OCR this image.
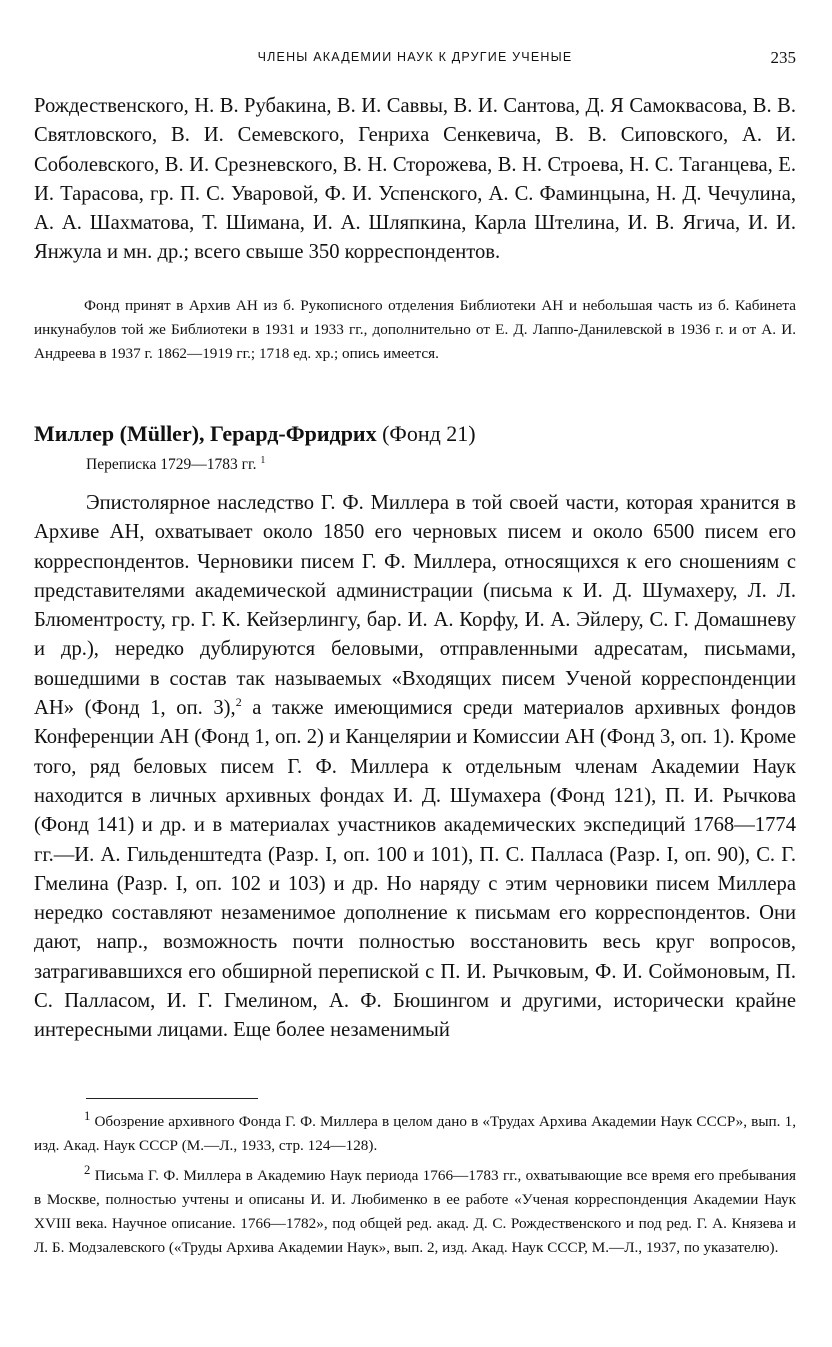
ЧЛЕНЫ АКАДЕМИИ НАУК К ДРУГИЕ УЧЕНЫЕ	235

Рождественского, Н. В. Рубакина, В. И. Саввы, В. И. Сантова, Д. Я Самоквасова, В. В. Святловского, В. И. Семевского, Генриха Сенкевича, В. В. Сиповского, А. И. Соболевского, В. И. Срезневского, В. Н. Сторожева, В. Н. Строева, Н. С. Таганцева, Е. И. Тарасова, гр. П. С. Уваровой, Ф. И. Успенского, А. С. Фаминцына, Н. Д. Чечулина, А. А. Шахматова, Т. Шимана, И. А. Шляпкина, Карла Штелина, И. В. Ягича, И. И. Янжула и мн. др.; всего свыше 350 корреспондентов.

Фонд принят в Архив АН из б. Рукописного отделения Библиотеки АН и небольшая часть из б. Кабинета инкунабулов той же Библиотеки в 1931 и 1933 гг., дополнительно от Е. Д. Лаппо-Данилевской в 1936 г. и от А. И. Андреева в 1937 г. 1862—1919 гг.; 1718 ед. хр.; опись имеется.

Миллер (Müller), Герард-Фридрих (Фонд 21)
Переписка 1729—1783 гг. $^1$

Эпистолярное наследство Г. Ф. Миллера в той своей части, которая хранится в Архиве АН, охватывает около 1850 его черновых писем и около 6500 писем его корреспондентов. Черновики писем Г. Ф. Миллера, относящихся к его сношениям с представителями академической администрации (письма к И. Д. Шумахеру, Л. Л. Блюментросту, гр. Г. К. Кейзерлингу, бар. И. А. Корфу, И. А. Эйлеру, С. Г. Домашневу и др.), нередко дублируются беловыми, отправленными адресатам, письмами, вошедшими в состав так называемых «Входящих писем Ученой корреспонденции АН» (Фонд 1, оп. 3),$^2$ а также имеющимися среди материалов архивных фондов Конференции АН (Фонд 1, оп. 2) и Канцелярии и Комиссии АН (Фонд 3, оп. 1). Кроме того, ряд беловых писем Г. Ф. Миллера к отдельным членам Академии Наук находится в личных архивных фондах И. Д. Шумахера (Фонд 121), П. И. Рычкова (Фонд 141) и др. и в материалах участников академических экспедиций 1768—1774 гг.—И. А. Гильденштедта (Разр. I, оп. 100 и 101), П. С. Палласа (Разр. I, оп. 90), С. Г. Гмелина (Разр. I, оп. 102 и 103) и др. Но наряду с этим черновики писем Миллера нередко составляют незаменимое дополнение к письмам его корреспондентов. Они дают, напр., возможность почти полностью восстановить весь круг вопросов, затрагивавшихся его обширной перепиской с П. И. Рычковым, Ф. И. Соймоновым, П. С. Палласом, И. Г. Гмелином, А. Ф. Бюшингом и другими, исторически крайне интересными лицами. Еще более незаменимый

$^1$ Обозрение архивного Фонда Г. Ф. Миллера в целом дано в «Трудах Архива Академии Наук СССР», вып. 1, изд. Акад. Наук СССР (М.—Л., 1933, стр. 124—128).

$^2$ Письма Г. Ф. Миллера в Академию Наук периода 1766—1783 гг., охватывающие все время его пребывания в Москве, полностью учтены и описаны И. И. Любименко в ее работе «Ученая корреспонденция Академии Наук XVIII века. Научное описание. 1766—1782», под общей ред. акад. Д. С. Рождественского и под ред. Г. А. Князева и Л. Б. Модзалевского («Труды Архива Академии Наук», вып. 2, изд. Акад. Наук СССР, М.—Л., 1937, по указателю).
